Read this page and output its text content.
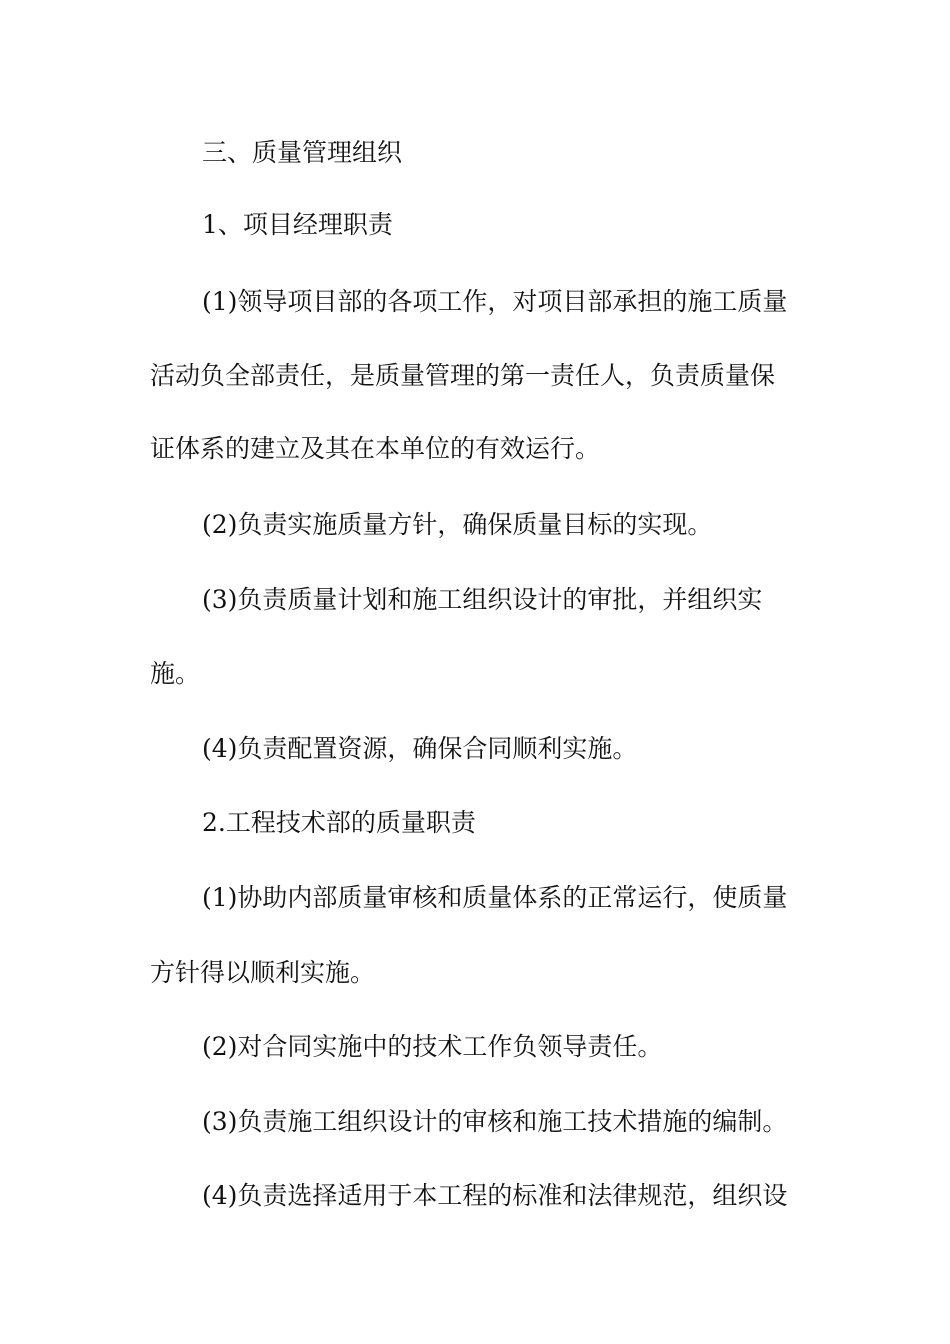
三、质量管理组织
1、项目经理职责
(1)领导项目部的各项工作，对项目部承担的施工质量
活动负全部责任，是质量管理的第一责任人，负责质量保
证体系的建立及其在本单位的有效运行。
(2)负责实施质量方针，确保质量目标的实现。
(3)负责质量计划和施工组织设计的审批，并组织实
施。
(4)负责配置资源，确保合同顺利实施。
2.工程技术部的质量职责
(1)协助内部质量审核和质量体系的正常运行，使质量
方针得以顺利实施。
(2)对合同实施中的技术工作负领导责任。
(3)负责施工组织设计的审核和施工技术措施的编制。
(4)负责选择适用于本工程的标准和法律规范，组织设
